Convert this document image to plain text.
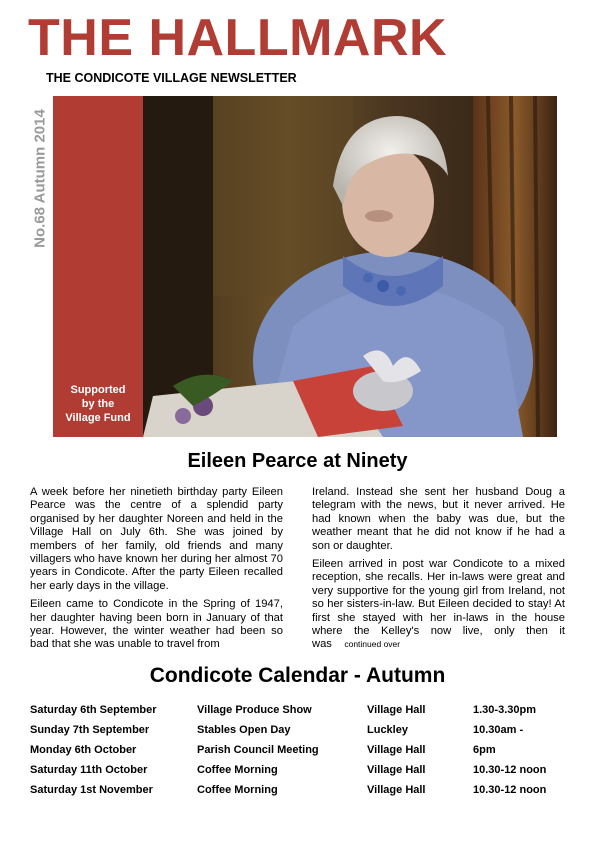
THE HALLMARK
THE CONDICOTE VILLAGE NEWSLETTER
No.68 Autumn 2014
Supported
by the
Village Fund
Eileen Pearce at Ninety

A week before her ninetieth birthday party Eileen Pearce was the centre of a splendid party organised by her daughter Noreen and held in the Village Hall on July 6th. She was joined by members of her family, old friends and many villagers who have known her during her almost 70 years in Condicote. After the party Eileen recalled her early days in the village.

Eileen came to Condicote in the Spring of 1947, her daughter having been born in January of that year. However, the winter weather had been so bad that she was unable to travel from

Ireland. Instead she sent her husband Doug a telegram with the news, but it never arrived. He had known when the baby was due, but the weather meant that he did not know if he had a son or daughter.

Eileen arrived in post war Condicote to a mixed reception, she recalls. Her in-laws were great and very supportive for the young girl from Ireland, not so her sisters-in-law. But Eileen decided to stay! At first she stayed with her in-laws in the house where the Kelley's now live, only then it was continued over

Condicote Calendar - Autumn
Saturday 6th September	Village Produce Show	Village Hall	1.30-3.30pm
Sunday 7th September	Stables Open Day	Luckley	10.30am -
Monday 6th October	Parish Council Meeting	Village Hall	6pm
Saturday 11th October	Coffee Morning	Village Hall	10.30-12 noon
Saturday 1st November	Coffee Morning	Village Hall	10.30-12 noon
